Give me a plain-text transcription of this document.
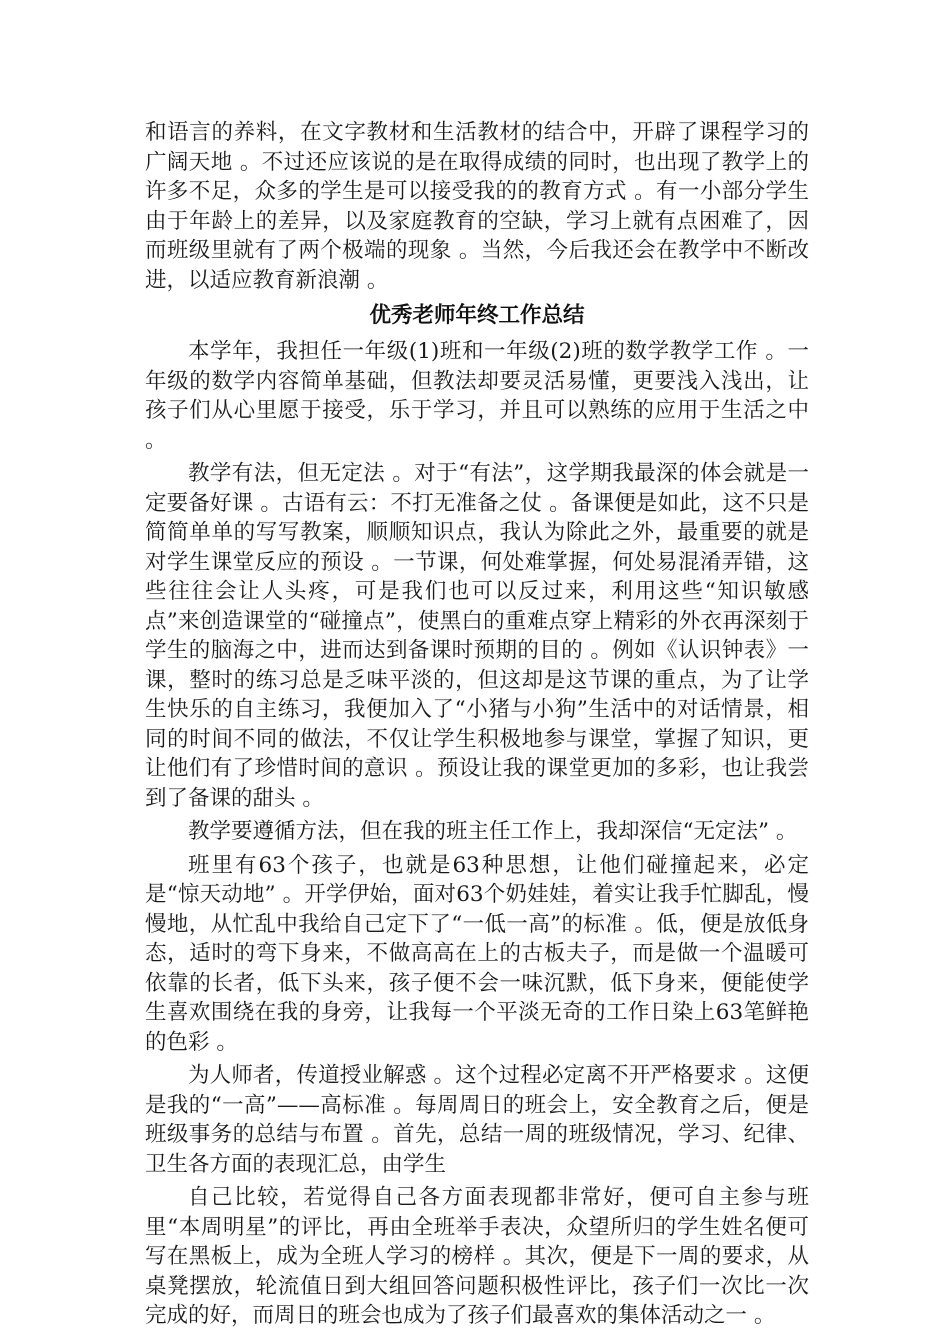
和语言的养料，在文字教材和生活教材的结合中，开辟了课程学习的广阔天地 。不过还应该说的是在取得成绩的同时，也出现了教学上的许多不足，众多的学生是可以接受我的的教育方式 。有一小部分学生由于年龄上的差异，以及家庭教育的空缺，学习上就有点困难了，因而班级里就有了两个极端的现象 。当然，今后我还会在教学中不断改进，以适应教育新浪潮 。

优秀老师年终工作总结

本学年，我担任一年级(1)班和一年级(2)班的数学教学工作 。一年级的数学内容简单基础，但教法却要灵活易懂，更要浅入浅出，让孩子们从心里愿于接受，乐于学习，并且可以熟练的应用于生活之中 。

教学有法，但无定法 。对于“有法”，这学期我最深的体会就是一定要备好课 。古语有云：不打无准备之仗 。备课便是如此，这不只是简简单单的写写教案，顺顺知识点，我认为除此之外，最重要的就是对学生课堂反应的预设 。一节课，何处难掌握，何处易混淆弄错，这些往往会让人头疼，可是我们也可以反过来，利用这些“知识敏感点”来创造课堂的“碰撞点”，使黑白的重难点穿上精彩的外衣再深刻于学生的脑海之中，进而达到备课时预期的目的 。例如《认识钟表》一课，整时的练习总是乏味平淡的，但这却是这节课的重点，为了让学生快乐的自主练习，我便加入了“小猪与小狗”生活中的对话情景，相同的时间不同的做法，不仅让学生积极地参与课堂，掌握了知识，更让他们有了珍惜时间的意识 。预设让我的课堂更加的多彩，也让我尝到了备课的甜头 。

教学要遵循方法，但在我的班主任工作上，我却深信“无定法” 。

班里有63个孩子，也就是63种思想，让他们碰撞起来，必定是“惊天动地” 。开学伊始，面对63个奶娃娃，着实让我手忙脚乱，慢慢地，从忙乱中我给自己定下了“一低一高”的标准 。低，便是放低身态，适时的弯下身来，不做高高在上的古板夫子，而是做一个温暖可依靠的长者，低下头来，孩子便不会一味沉默，低下身来，便能使学生喜欢围绕在我的身旁，让我每一个平淡无奇的工作日染上63笔鲜艳的色彩 。

为人师者，传道授业解惑 。这个过程必定离不开严格要求 。这便是我的“一高”——高标准 。每周周日的班会上，安全教育之后，便是班级事务的总结与布置 。首先，总结一周的班级情况，学习、纪律、卫生各方面的表现汇总，由学生

自己比较，若觉得自己各方面表现都非常好，便可自主参与班里“本周明星”的评比，再由全班举手表决，众望所归的学生姓名便可写在黑板上，成为全班人学习的榜样 。其次，便是下一周的要求，从桌凳摆放，轮流值日到大组回答问题积极性评比，孩子们一次比一次完成的好，而周日的班会也成为了孩子们最喜欢的集体活动之一 。
